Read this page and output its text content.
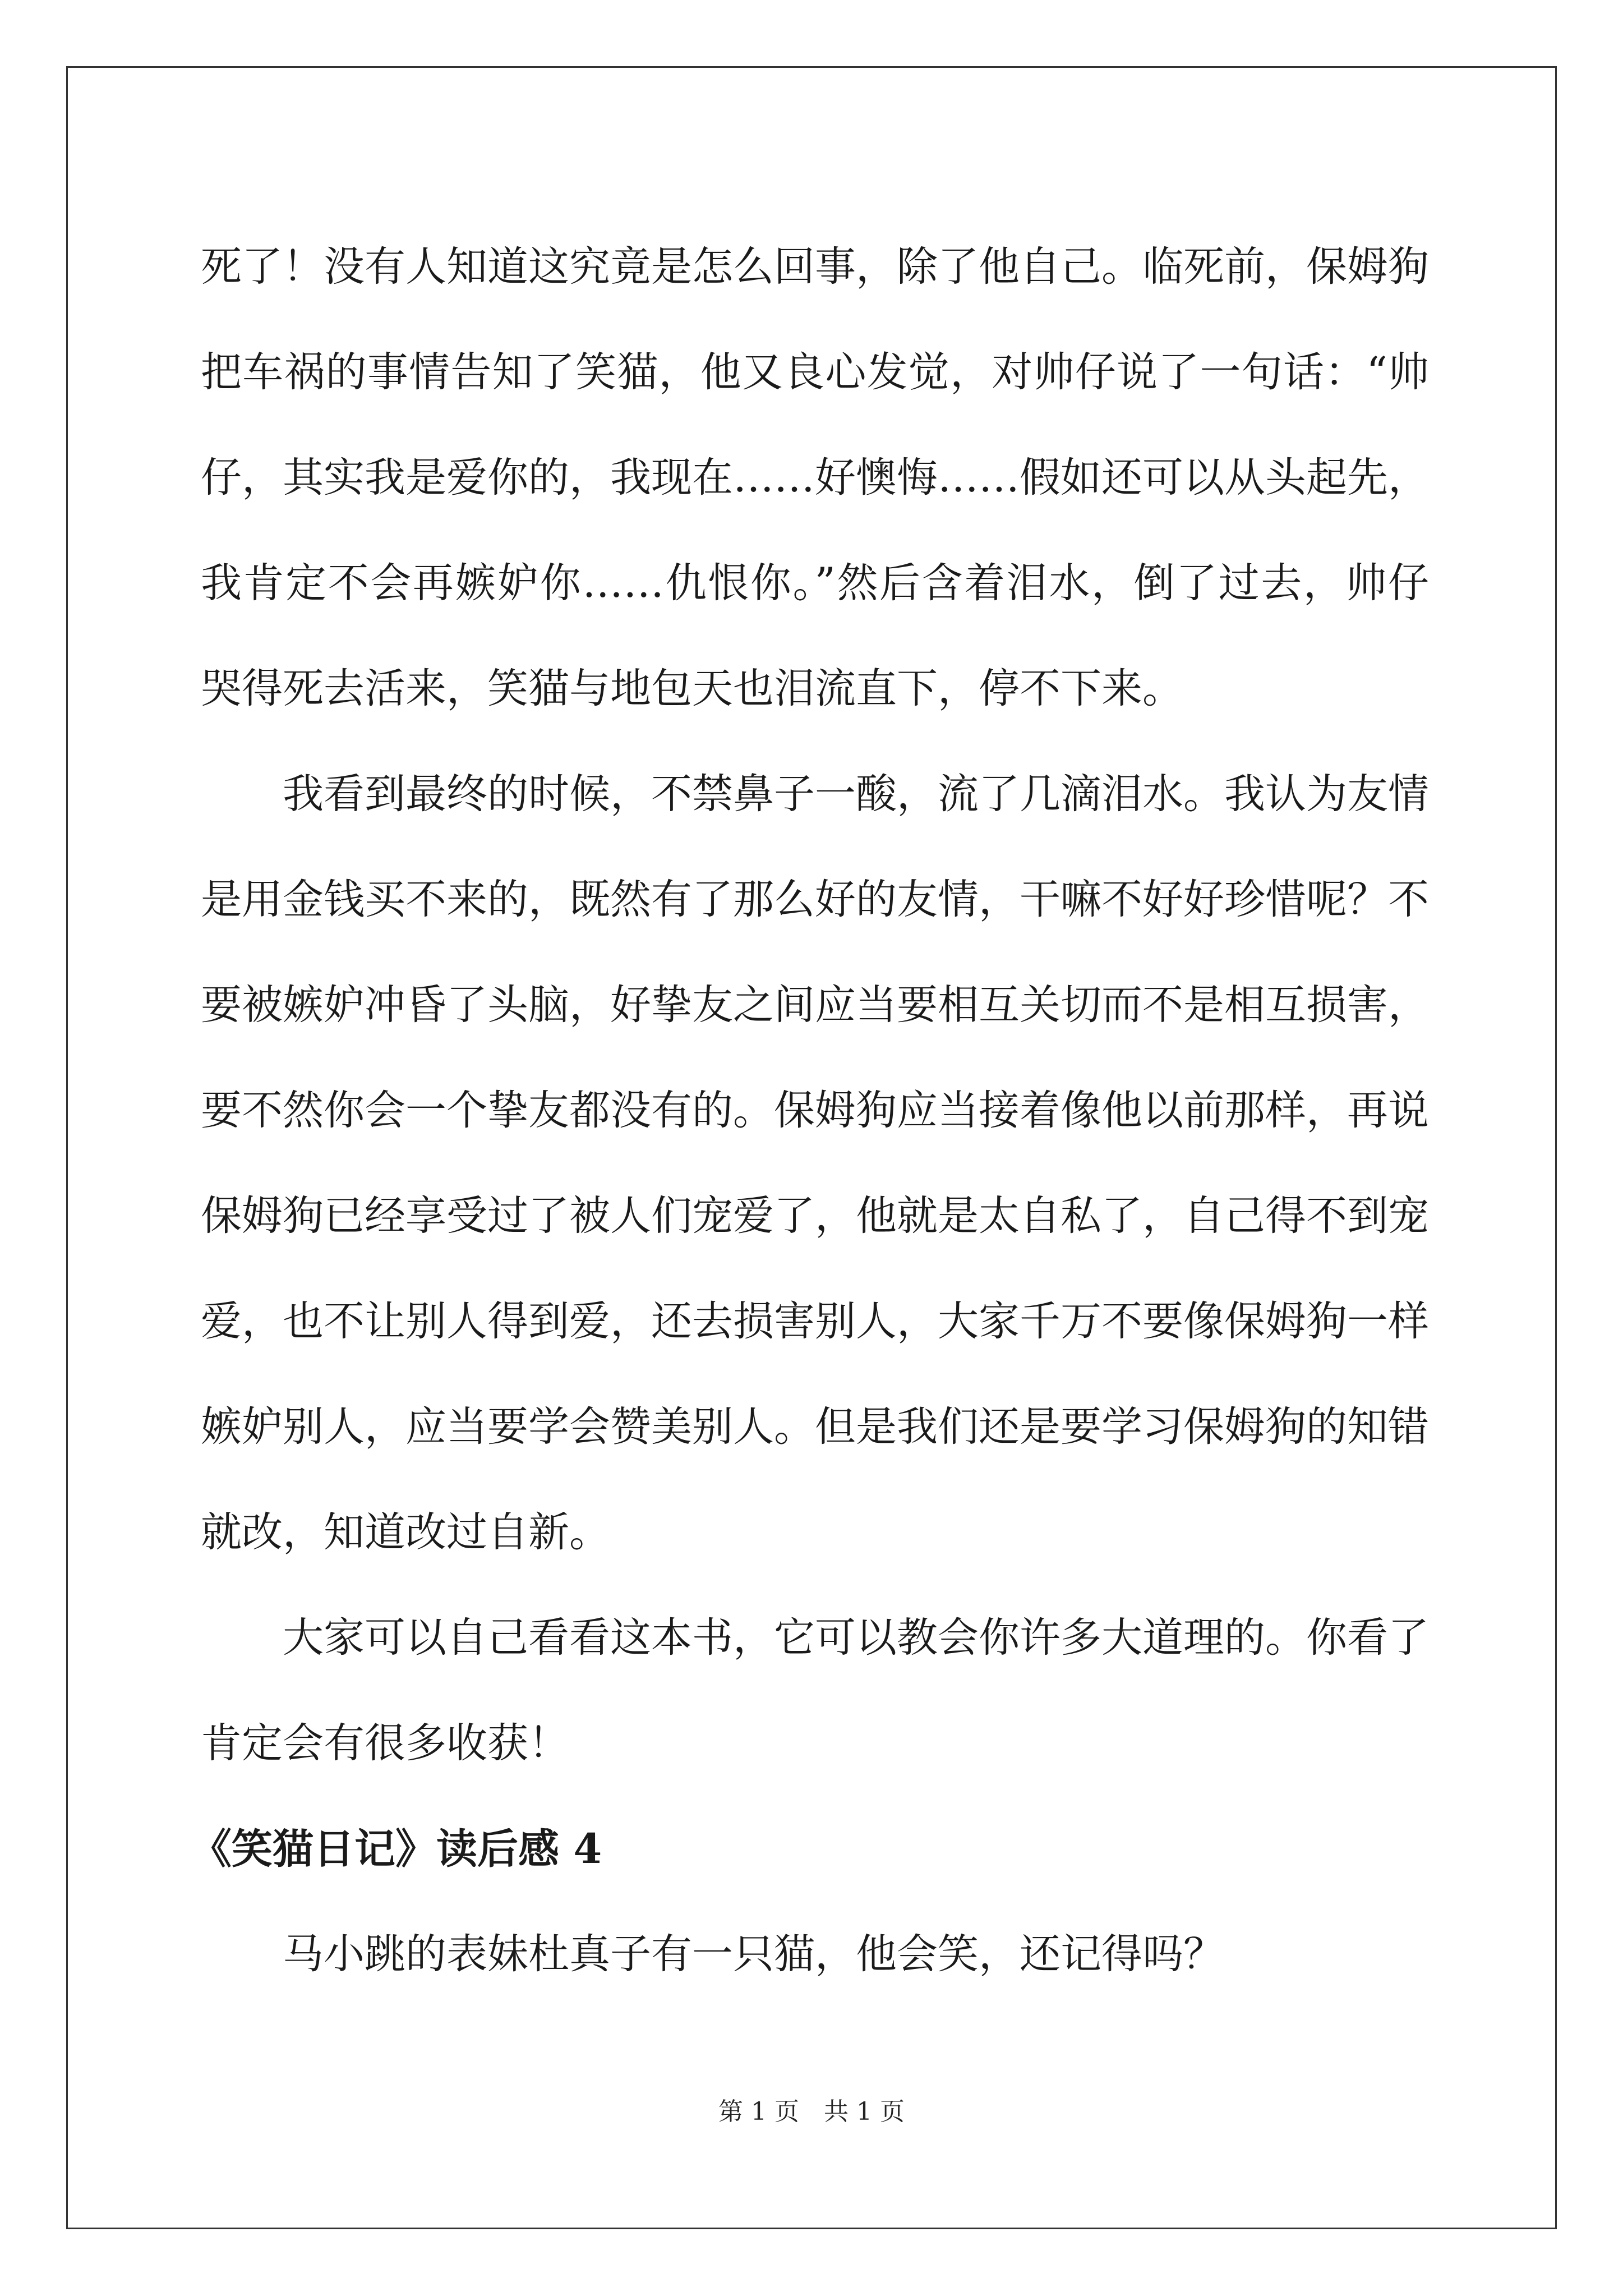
死了！没有人知道这究竟是怎么回事，除了他自己。临死前，保姆狗把车祸的事情告知了笑猫，他又良心发觉，对帅仔说了一句话：“帅仔，其实我是爱你的，我现在……好懊悔……假如还可以从头起先，我肯定不会再嫉妒你……仇恨你。”然后含着泪水，倒了过去，帅仔哭得死去活来，笑猫与地包天也泪流直下，停不下来。

我看到最终的时候，不禁鼻子一酸，流了几滴泪水。我认为友情是用金钱买不来的，既然有了那么好的友情，干嘛不好好珍惜呢？不要被嫉妒冲昏了头脑，好挚友之间应当要相互关切而不是相互损害，要不然你会一个挚友都没有的。保姆狗应当接着像他以前那样，再说保姆狗已经享受过了被人们宠爱了，他就是太自私了，自己得不到宠爱，也不让别人得到爱，还去损害别人，大家千万不要像保姆狗一样嫉妒别人，应当要学会赞美别人。但是我们还是要学习保姆狗的知错就改，知道改过自新。

大家可以自己看看这本书，它可以教会你许多大道理的。你看了肯定会有很多收获！

《笑猫日记》读后感 4

马小跳的表妹杜真子有一只猫，他会笑，还记得吗？

第 1 页　共 1 页
